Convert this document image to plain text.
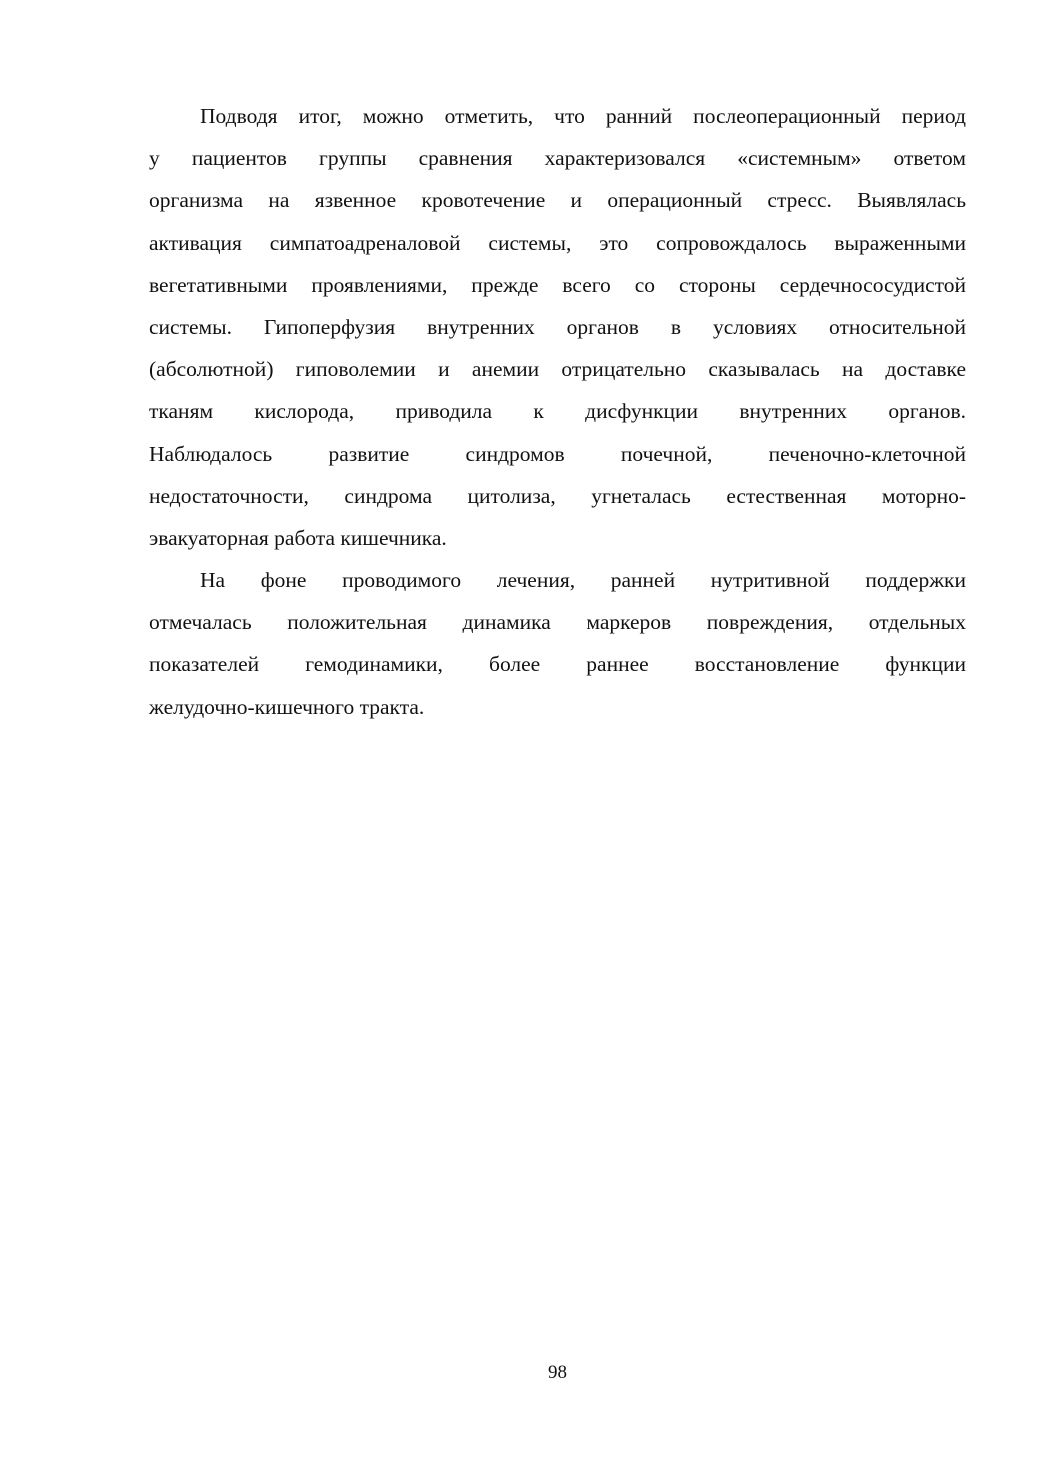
Подводя итог, можно отметить, что ранний послеоперационный период
у пациентов группы сравнения характеризовался «системным» ответом
организма на язвенное кровотечение и операционный стресс. Выявлялась
активация симпатоадреналовой системы, это сопровождалось выраженными
вегетативными проявлениями, прежде всего со стороны сердечнососудистой
системы. Гипоперфузия внутренних органов в условиях относительной
(абсолютной) гиповолемии и анемии отрицательно сказывалась на доставке
тканям кислорода, приводила к дисфункции внутренних органов.
Наблюдалось развитие синдромов почечной, печеночно-клеточной
недостаточности, синдрома цитолиза, угнеталась естественная моторно-
эвакуаторная работа кишечника.
На фоне проводимого лечения, ранней нутритивной поддержки
отмечалась положительная динамика маркеров повреждения, отдельных
показателей гемодинамики, более раннее восстановление функции
желудочно-кишечного тракта.
98
